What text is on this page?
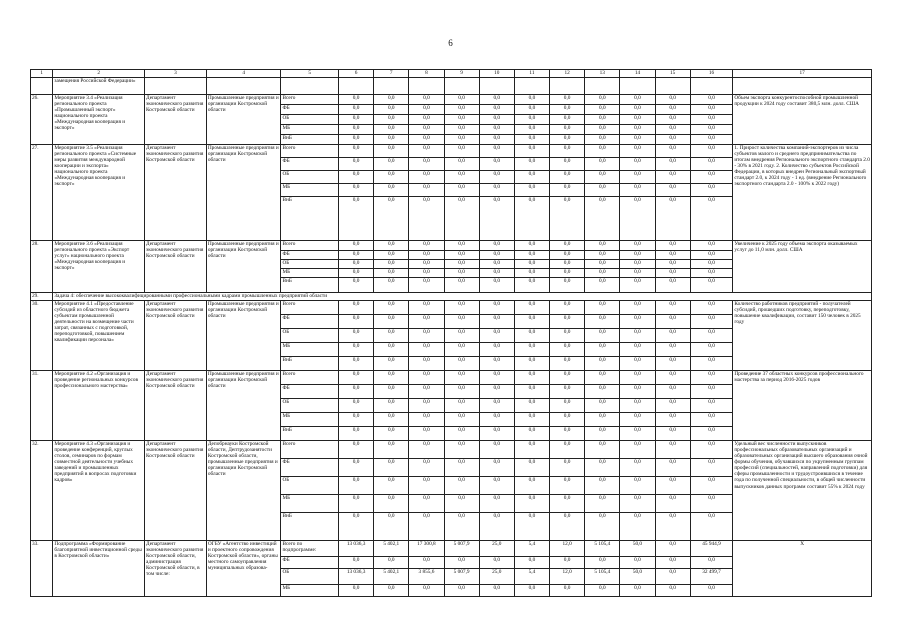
6
1	2	3	4	5	6	7	8	9	10	11	12	13	14	15	16	17
	замещения Российской Федерации»															
26.	Мероприятие 3.4 «Реализация регионального проекта «Промышленный экспорт» национального проекта «Международная кооперация и экспорт»	Департамент экономического развития Костромской области	Промышленные предприятия и организации Костромской области	Всего	0,0	0,0	0,0	0,0	0,0	0,0	0,0	0,0	0,0	0,0	0,0	Объем экспорта конкурентоспособной промышленной продукции к 2024 году составит 380,5 млн. долл. США
				ФБ	0,0	0,0	0,0	0,0	0,0	0,0	0,0	0,0	0,0	0,0	0,0	
				ОБ	0,0	0,0	0,0	0,0	0,0	0,0	0,0	0,0	0,0	0,0	0,0	
				МБ	0,0	0,0	0,0	0,0	0,0	0,0	0,0	0,0	0,0	0,0	0,0	
				ВнБ	0,0	0,0	0,0	0,0	0,0	0,0	0,0	0,0	0,0	0,0	0,0	
27.	Мероприятие 3.5 «Реализация регионального проекта «Системные меры развития международной кооперации и экспорта» национального проекта «Международная кооперация и экспорт»	Департамент экономического развития Костромской области	Промышленные предприятия и организации Костромской области	Всего	0,0	0,0	0,0	0,0	0,0	0,0	0,0	0,0	0,0	0,0	0,0	1. Прирост количества компаний-экспортеров из числа субъектов малого и среднего предпринимательства по итогам внедрения Регионального экспортного стандарта 2.0 - 30% в 2021 году. 2. Количество субъектов Российской Федерации, в которых внедрен Региональный экспортный стандарт 2.0, к 2024 году - 1 ед. (внедрение Регионального экспортного стандарта 2.0 - 100% к 2022 году)
				ФБ	0,0	0,0	0,0	0,0	0,0	0,0	0,0	0,0	0,0	0,0	0,0	
				ОБ	0,0	0,0	0,0	0,0	0,0	0,0	0,0	0,0	0,0	0,0	0,0	
				МБ	0,0	0,0	0,0	0,0	0,0	0,0	0,0	0,0	0,0	0,0	0,0	
				ВнБ	0,0	0,0	0,0	0,0	0,0	0,0	0,0	0,0	0,0	0,0	0,0	
28.	Мероприятие 3.6 «Реализация регионального проекта «Экспорт услуг» национального проекта «Международная кооперация и экспорт»	Департамент экономического развития Костромской области	Промышленные предприятия и организации Костромской области	Всего	0,0	0,0	0,0	0,0	0,0	0,0	0,0	0,0	0,0	0,0	0,0	Увеличение к 2025 году объема экспорта оказываемых услуг до 11,0 млн. долл. США
				ФБ	0,0	0,0	0,0	0,0	0,0	0,0	0,0	0,0	0,0	0,0	0,0	
				ОБ	0,0	0,0	0,0	0,0	0,0	0,0	0,0	0,0	0,0	0,0	0,0	
				МБ	0,0	0,0	0,0	0,0	0,0	0,0	0,0	0,0	0,0	0,0	0,0	
				ВнБ	0,0	0,0	0,0	0,0	0,0	0,0	0,0	0,0	0,0	0,0	0,0	
29.	Задача 4: обеспечение высококвалифицированными профессиональными кадрами промышленных предприятий области															
30.	Мероприятие 4.1 «Предоставление субсидий из областного бюджета субъектам промышленной деятельности на возмещение части затрат, связанных с подготовкой, переподготовкой, повышением квалификации персонала»	Департамент экономического развития Костромской области	Промышленные предприятия и организации Костромской области	Всего	0,0	0,0	0,0	0,0	0,0	0,0	0,0	0,0	0,0	0,0	0,0	Количество работников предприятий - получателей субсидий, прошедших подготовку, переподготовку, повышение квалификации, составит 150 человек в 2025 году
				ФБ	0,0	0,0	0,0	0,0	0,0	0,0	0,0	0,0	0,0	0,0	0,0	
				ОБ	0,0	0,0	0,0	0,0	0,0	0,0	0,0	0,0	0,0	0,0	0,0	
				МБ	0,0	0,0	0,0	0,0	0,0	0,0	0,0	0,0	0,0	0,0	0,0	
				ВнБ	0,0	0,0	0,0	0,0	0,0	0,0	0,0	0,0	0,0	0,0	0,0	
31.	Мероприятие 4.2 «Организация и проведение региональных конкурсов профессионального мастерства»	Департамент экономического развития Костромской области	Промышленные предприятия и организации Костромской области	Всего	0,0	0,0	0,0	0,0	0,0	0,0	0,0	0,0	0,0	0,0	0,0	Проведение 37 областных конкурсов профессионального мастерства за период 2016-2025 годов
				ФБ	0,0	0,0	0,0	0,0	0,0	0,0	0,0	0,0	0,0	0,0	0,0	
				ОБ	0,0	0,0	0,0	0,0	0,0	0,0	0,0	0,0	0,0	0,0	0,0	
				МБ	0,0	0,0	0,0	0,0	0,0	0,0	0,0	0,0	0,0	0,0	0,0	
				ВнБ	0,0	0,0	0,0	0,0	0,0	0,0	0,0	0,0	0,0	0,0	0,0	
32.	Мероприятие 4.3 «Организация и проведение конференций, круглых столов, семинаров по формам совместной деятельности учебных заведений и промышленных предприятий в вопросах подготовки кадров»	Департамент экономического развития Костромской области	Депобрнауки Костромской области, Дептрудозанятости Костромской области, промышленные предприятия и организации Костромской области	Всего	0,0	0,0	0,0	0,0	0,0	0,0	0,0	0,0	0,0	0,0	0,0	Удельный вес численности выпускников профессиональных образовательных организаций и образовательных организаций высшего образования очной формы обучения, обучавшихся по укрупненным группам профессий (специальностей, направлений подготовки) для сферы промышленности и трудоустроившихся в течение года по полученной специальности, в общей численности выпускников данных программ составит 55% к 2024 году
				ФБ	0,0	0,0	0,0	0,0	0,0	0,0	0,0	0,0	0,0	0,0	0,0	
				ОБ	0,0	0,0	0,0	0,0	0,0	0,0	0,0	0,0	0,0	0,0	0,0	
				МБ	0,0	0,0	0,0	0,0	0,0	0,0	0,0	0,0	0,0	0,0	0,0	
				ВнБ	0,0	0,0	0,0	0,0	0,0	0,0	0,0	0,0	0,0	0,0	0,0	
33.	Подпрограмма «Формирование благоприятной инвестиционной среды в Костромской области»	Департамент экономического развития Костромской области, администрация Костромской области, в том числе:	ОГБУ «Агентство инвестиций и проектного сопровождения Костромской области», органы местного самоуправления муниципальных образова-	Всего по подпрограмме:	13 036,3	5 402,1	17 300,8	5 007,9	25,0	5,4	12,0	5 105,4	50,0	0,0	45 944,9	Х
				ФБ	0,0	0,0	0,0	0,0	0,0	0,0	0,0	0,0	0,0	0,0	0,0	
				ОБ	13 036,3	5 402,1	3 855,6	5 007,9	25,0	5,4	12,0	5 105,4	50,0	0,0	32 499,7	
				МБ	0,0	0,0	0,0	0,0	0,0	0,0	0,0	0,0	0,0	0,0	0,0	
